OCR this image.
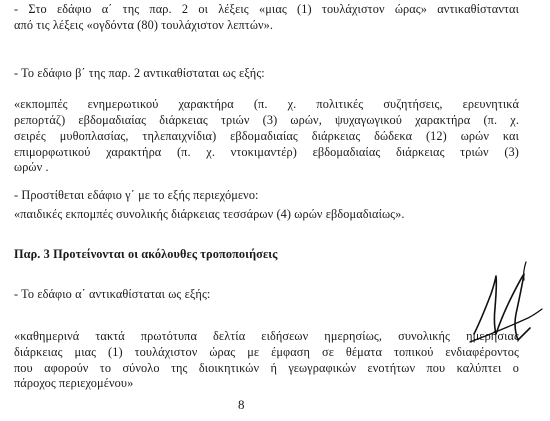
- Στο εδάφιο α΄ της παρ. 2 οι λέξεις «μιας (1) τουλάχιστον ώρας» αντικαθίστανται
από τις λέξεις «ογδόντα (80) τουλάχιστον λεπτών».
- Το εδάφιο β΄ της παρ. 2 αντικαθίσταται ως εξής:
«εκπομπές ενημερωτικού χαρακτήρα (π. χ. πολιτικές συζητήσεις, ερευνητικά
ρεπορτάζ) εβδομαδιαίας διάρκειας τριών (3) ωρών, ψυχαγωγικού χαρακτήρα (π. χ.
σειρές μυθοπλασίας, τηλεπαιχνίδια) εβδομαδιαίας διάρκειας δώδεκα (12) ωρών και
επιμορφωτικού χαρακτήρα (π. χ. ντοκιμαντέρ) εβδομαδιαίας διάρκειας τριών (3)
ωρών .
- Προστίθεται εδάφιο γ΄ με το εξής περιεχόμενο:
«παιδικές εκπομπές συνολικής διάρκειας τεσσάρων (4) ωρών εβδομαδιαίως».
Παρ. 3 Προτείνονται οι ακόλουθες τροποποιήσεις
- Το εδάφιο α΄ αντικαθίσταται ως εξής:
«καθημερινά τακτά πρωτότυπα δελτία ειδήσεων ημερησίως, συνολικής ημερήσιας
διάρκειας μιας (1) τουλάχιστον ώρας με έμφαση σε θέματα τοπικού ενδιαφέροντος
που αφορούν το σύνολο της διοικητικών ή γεωγραφικών ενοτήτων που καλύπτει ο
πάροχος περιεχομένου»
8
